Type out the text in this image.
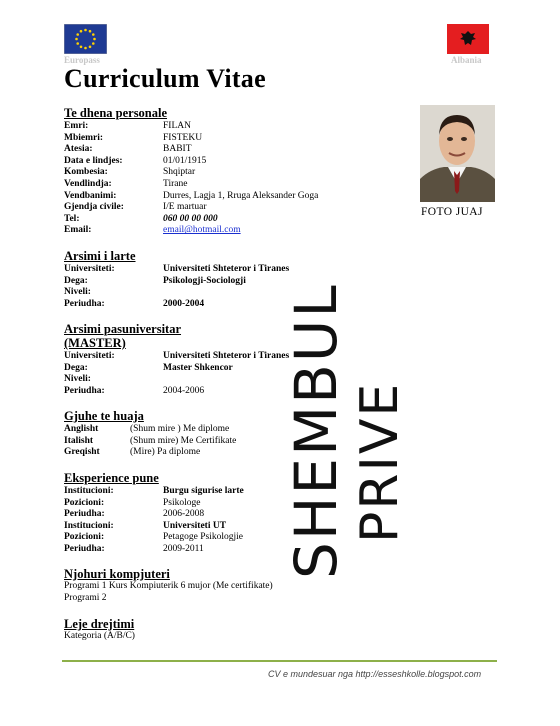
Europass	Albania
Curriculum Vitae
FOTO JUAJ
Te dhena personale
Emri:	FILAN
Mbiemri:	FISTEKU
Atesia:	BABIT
Data e lindjes:	01/01/1915
Kombesia:	Shqiptar
Vendlindja:	Tirane
Vendbanimi:	Durres, Lagja 1, Rruga Aleksander Goga
Gjendja civile:	I/E martuar
Tel:	060 00 00 000
Email:	email@hotmail.com
Arsimi i larte
Universiteti:	Universiteti Shteteror i Tiranes
Dega:	Psikologji-Sociologji
Niveli:
Periudha:	2000-2004
Arsimi pasuniversitar
(MASTER)
Universiteti:	Universiteti Shteteror i Tiranes
Dega:	Master Shkencor
Niveli:
Periudha:	2004-2006
Gjuhe te huaja
Anglisht	(Shum mire ) Me diplome
Italisht	(Shum mire) Me Certifikate
Greqisht	(Mire) Pa diplome
Eksperience pune
Institucioni:	Burgu sigurise larte
Pozicioni:	Psikologe
Periudha:	2006-2008
Institucioni:	Universiteti UT
Pozicioni:	Petagoge Psikologjie
Periudha:	2009-2011
Njohuri kompjuteri
Programi 1 Kurs Kompiuterik 6 mujor (Me certifikate)
Programi 2
Leje drejtimi
Kategoria (A/B/C)
SHEMBUL PRIVE
CV e mundesuar nga http://esseshkolle.blogspot.com
